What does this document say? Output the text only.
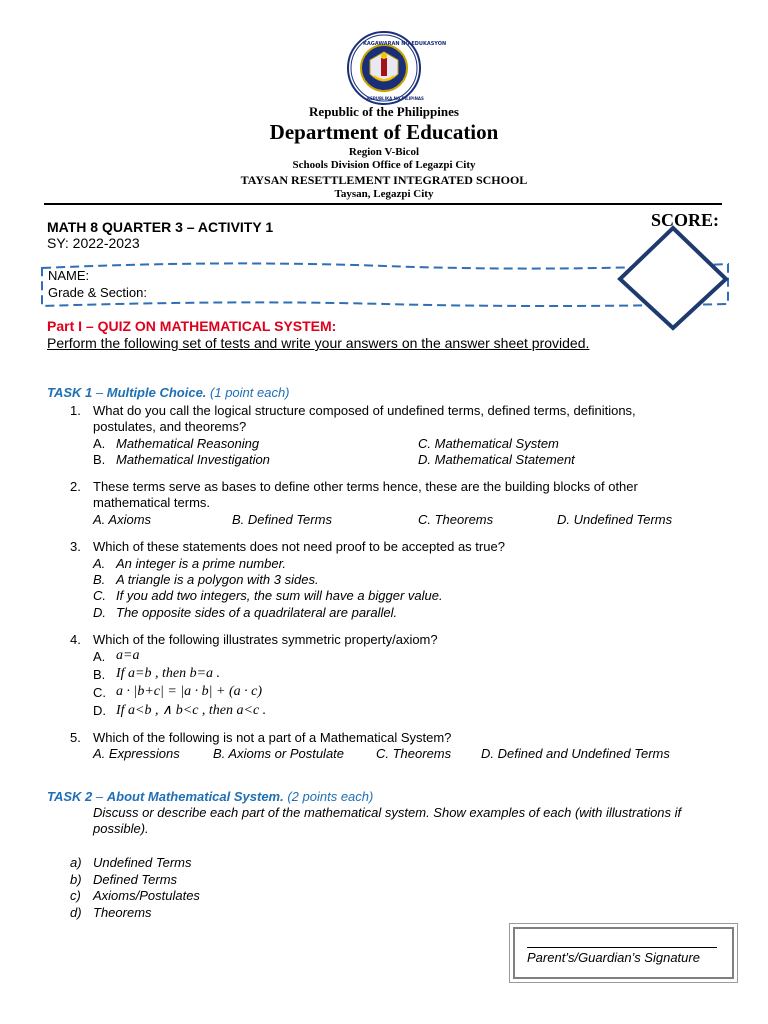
KAGAWARAN NG EDUKASYON
REPUBLIKA NG PILIPINAS
Republic of the Philippines
Department of Education
Region V-Bicol
Schools Division Office of Legazpi City
TAYSAN RESETTLEMENT INTEGRATED SCHOOL
Taysan, Legazpi City
MATH 8 QUARTER 3 – ACTIVITY 1
SY: 2022-2023
SCORE:
NAME:
Grade & Section:
Part I – QUIZ ON MATHEMATICAL SYSTEM:
Perform the following set of tests and write your answers on the answer sheet provided.
TASK 1 – Multiple Choice. (1 point each)
1. What do you call the logical structure composed of undefined terms, defined terms, definitions, postulates, and theorems?
A. Mathematical Reasoning
B. Mathematical Investigation
C. Mathematical System
D. Mathematical Statement
2. These terms serve as bases to define other terms hence, these are the building blocks of other mathematical terms.
A. Axioms	B. Defined Terms	C. Theorems	D. Undefined Terms
3. Which of these statements does not need proof to be accepted as true?
A. An integer is a prime number.
B. A triangle is a polygon with 3 sides.
C. If you add two integers, the sum will have a bigger value.
D. The opposite sides of a quadrilateral are parallel.
4. Which of the following illustrates symmetric property/axiom?
A. a=a
B. If a=b , then b=a .
C. a · |b+c| = |a · b| + (a · c)
D. If a<b , ∧ b<c , then a<c .
5. Which of the following is not a part of a Mathematical System?
A. Expressions	B. Axioms or Postulate C. Theorems D. Defined and Undefined Terms
TASK 2 – About Mathematical System. (2 points each)
Discuss or describe each part of the mathematical system. Show examples of each (with illustrations if possible).
a) Undefined Terms
b) Defined Terms
c) Axioms/Postulates
d) Theorems
Parent’s/Guardian’s Signature
